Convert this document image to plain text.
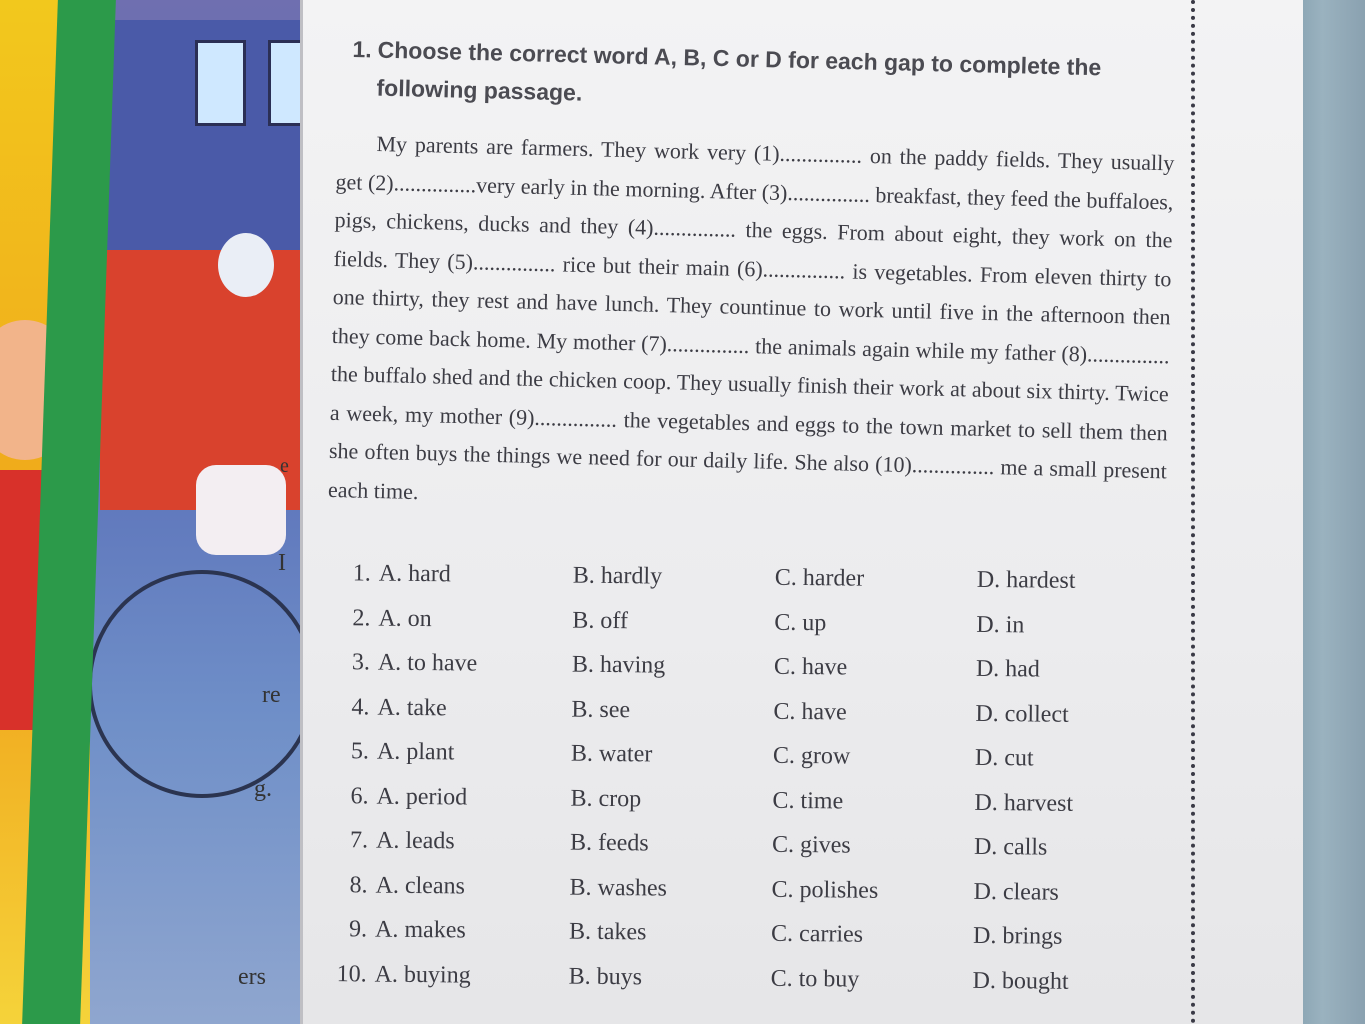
e
I
re
g.
ers
1. Choose the correct word A, B, C or D for each gap to complete the
following passage.

My parents are farmers. They work very (1)............... on the paddy fields. They usually get (2)...............very early in the morning. After (3)............... breakfast, they feed the buffaloes, pigs, chickens, ducks and they (4)............... the eggs. From about eight, they work on the fields. They (5)............... rice but their main (6)............... is vegetables. From eleven thirty to one thirty, they rest and have lunch. They countinue to work until five in the afternoon then they come back home. My mother (7)............... the animals again while my father (8)............... the buffalo shed and the chicken coop. They usually finish their work at about six thirty. Twice a week, my mother (9)............... the vegetables and eggs to the town market to sell them then she often buys the things we need for our daily life. She also (10)............... me a small present each time.

1. A. hard	B. hardly	C. harder	D. hardest
2. A. on	B. off	C. up	D. in
3. A. to have	B. having	C. have	D. had
4. A. take	B. see	C. have	D. collect
5. A. plant	B. water	C. grow	D. cut
6. A. period	B. crop	C. time	D. harvest
7. A. leads	B. feeds	C. gives	D. calls
8. A. cleans	B. washes	C. polishes	D. clears
9. A. makes	B. takes	C. carries	D. brings
10. A. buying	B. buys	C. to buy	D. bought
